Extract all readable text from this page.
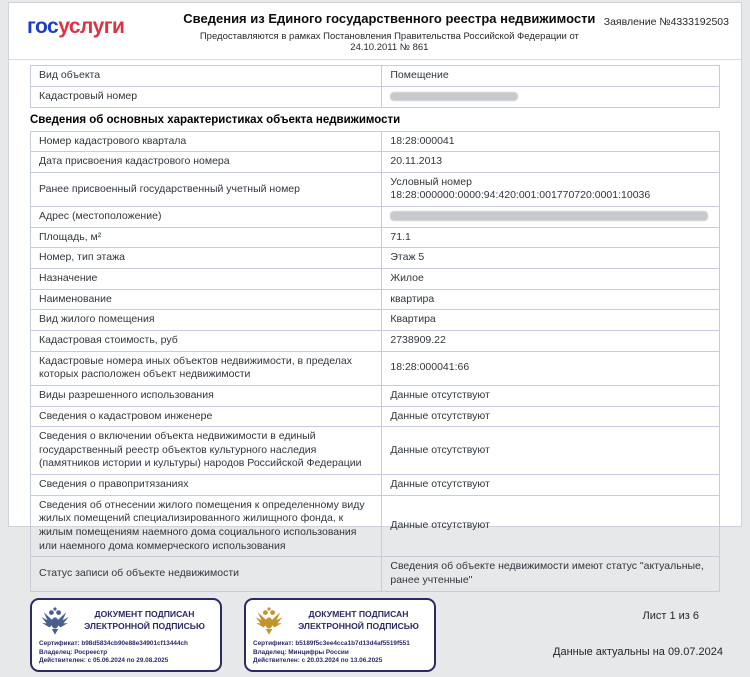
госуслуги	Сведения из Единого государственного реестра недвижимости
Предоставляются в рамках Постановления Правительства Российской Федерации от 24.10.2011 № 861
Заявление №4333192503
Вид объекта	Помещение
Кадастровый номер	
Сведения об основных характеристиках объекта недвижимости
Номер кадастрового квартала	18:28:000041
Дата присвоения кадастрового номера	20.11.2013
Ранее присвоенный государственный учетный номер	Условный номер 18:28:000000:0000:94:420:001:001770720:0001:10036
Адрес (местоположение)	
Площадь, м²	71.1
Номер, тип этажа	Этаж 5
Назначение	Жилое
Наименование	квартира
Вид жилого помещения	Квартира
Кадастровая стоимость, руб	2738909.22
Кадастровые номера иных объектов недвижимости, в пределах которых расположен объект недвижимости	18:28:000041:66
Виды разрешенного использования	Данные отсутствуют
Сведения о кадастровом инженере	Данные отсутствуют
Сведения о включении объекта недвижимости в единый государственный реестр объектов культурного наследия (памятников истории и культуры) народов Российской Федерации	Данные отсутствуют
Сведения о правопритязаниях	Данные отсутствуют
Сведения об отнесении жилого помещения к определенному виду жилых помещений специализированного жилищного фонда, к жилым помещениям наемного дома социального использования или наемного дома коммерческого использования	Данные отсутствуют
Статус записи об объекте недвижимости	Сведения об объекте недвижимости имеют статус "актуальные, ранее учтенные"
ДОКУМЕНТ ПОДПИСАН ЭЛЕКТРОННОЙ ПОДПИСЬЮ
Сертификат: b98d5834cb90e88e34901cf13444ch
Владелец: Росреестр
Действителен: с 05.06.2024 по 29.08.2025
ДОКУМЕНТ ПОДПИСАН ЭЛЕКТРОННОЙ ПОДПИСЬЮ
Сертификат: b5189f5c3ee4cca1b7d13d4af5519f551
Владелец: Минцифры России
Действителен: с 20.03.2024 по 13.06.2025
Лист 1 из 6
Данные актуальны на 09.07.2024
